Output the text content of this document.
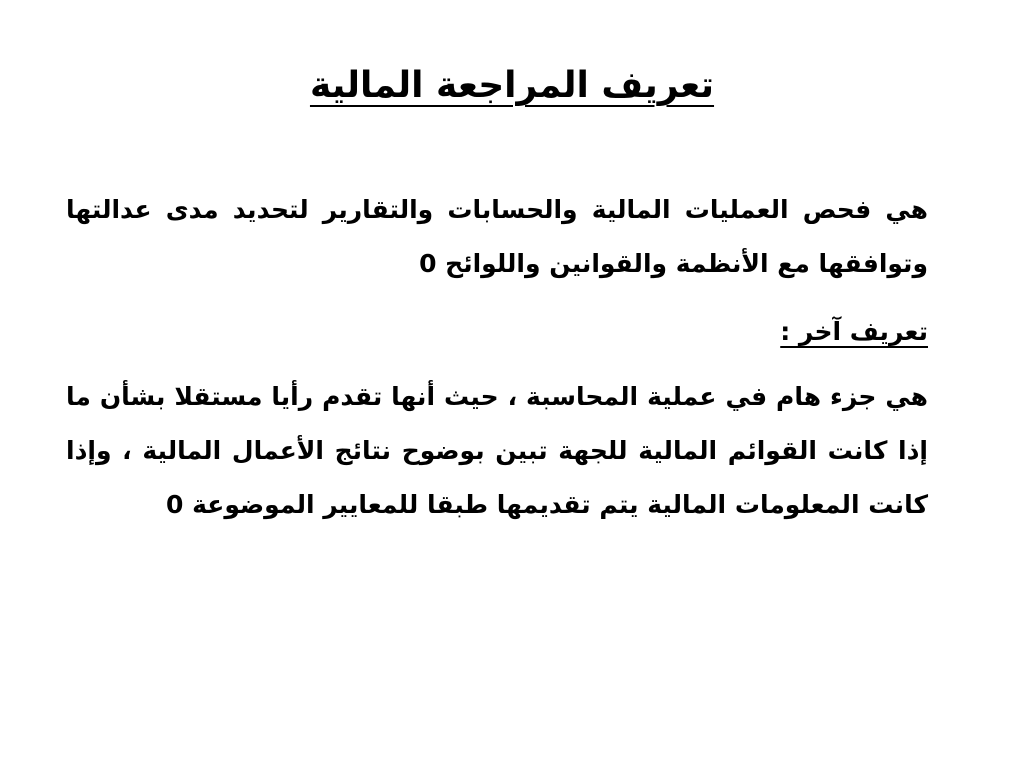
تعريف المراجعة المالية
هي فحص العمليات المالية والحسابات والتقارير لتحديد مدى عدالتها وتوافقها مع الأنظمة والقوانين واللوائح 0
تعريف آخر :
هي جزء هام في عملية المحاسبة ، حيث أنها تقدم رأيا مستقلا بشأن ما إذا كانت القوائم المالية للجهة تبين بوضوح نتائج الأعمال المالية ، وإذا كانت المعلومات المالية يتم تقديمها طبقا للمعايير الموضوعة 0
